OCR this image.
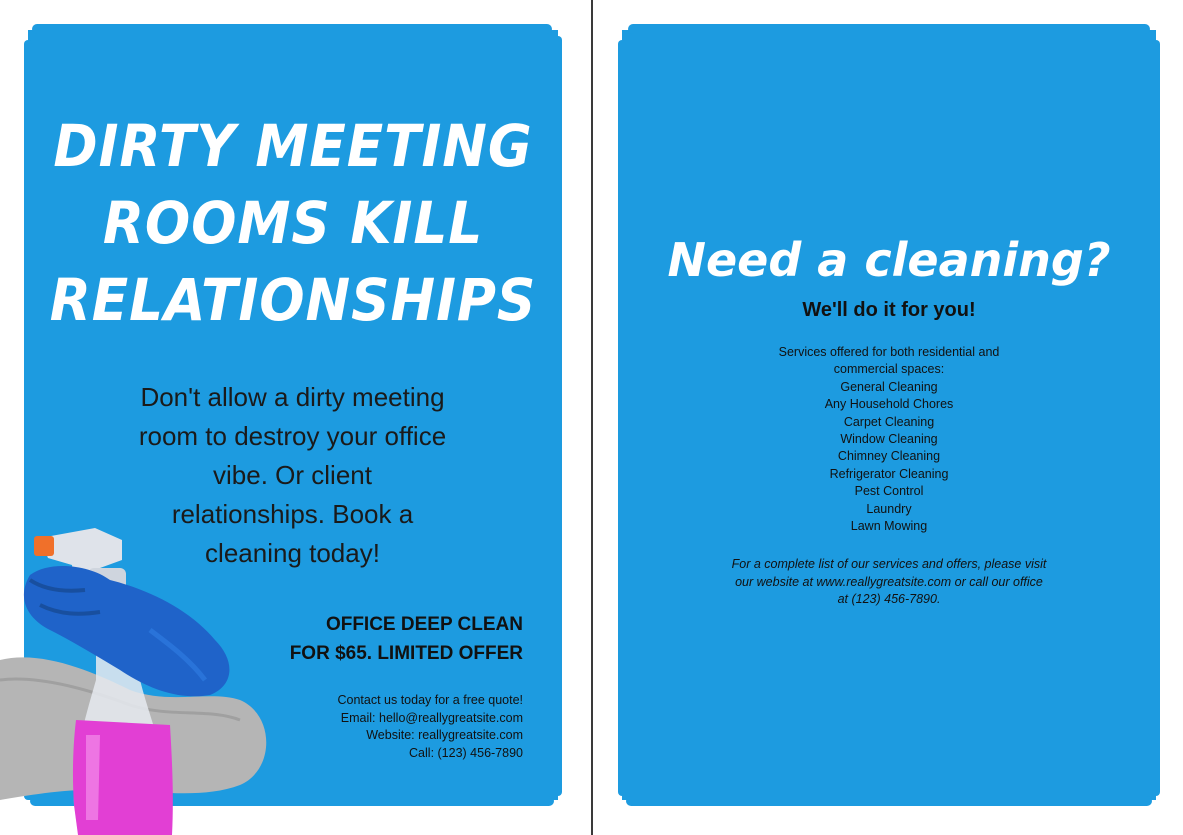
DIRTY MEETING
ROOMS KILL
RELATIONSHIPS
Don't allow a dirty meeting
room to destroy your office
vibe. Or client
relationships. Book a
cleaning today!
OFFICE DEEP CLEAN
FOR $65. LIMITED OFFER
Contact us today for a free quote!
Email: hello@reallygreatsite.com
Website: reallygreatsite.com
Call: (123) 456-7890
Need a cleaning?
We'll do it for you!
Services offered for both residential and
commercial spaces:
General Cleaning
Any Household Chores
Carpet Cleaning
Window Cleaning
Chimney Cleaning
Refrigerator Cleaning
Pest Control
Laundry
Lawn Mowing
For a complete list of our services and offers, please visit
our website at www.reallygreatsite.com or call our office
at (123) 456-7890.
